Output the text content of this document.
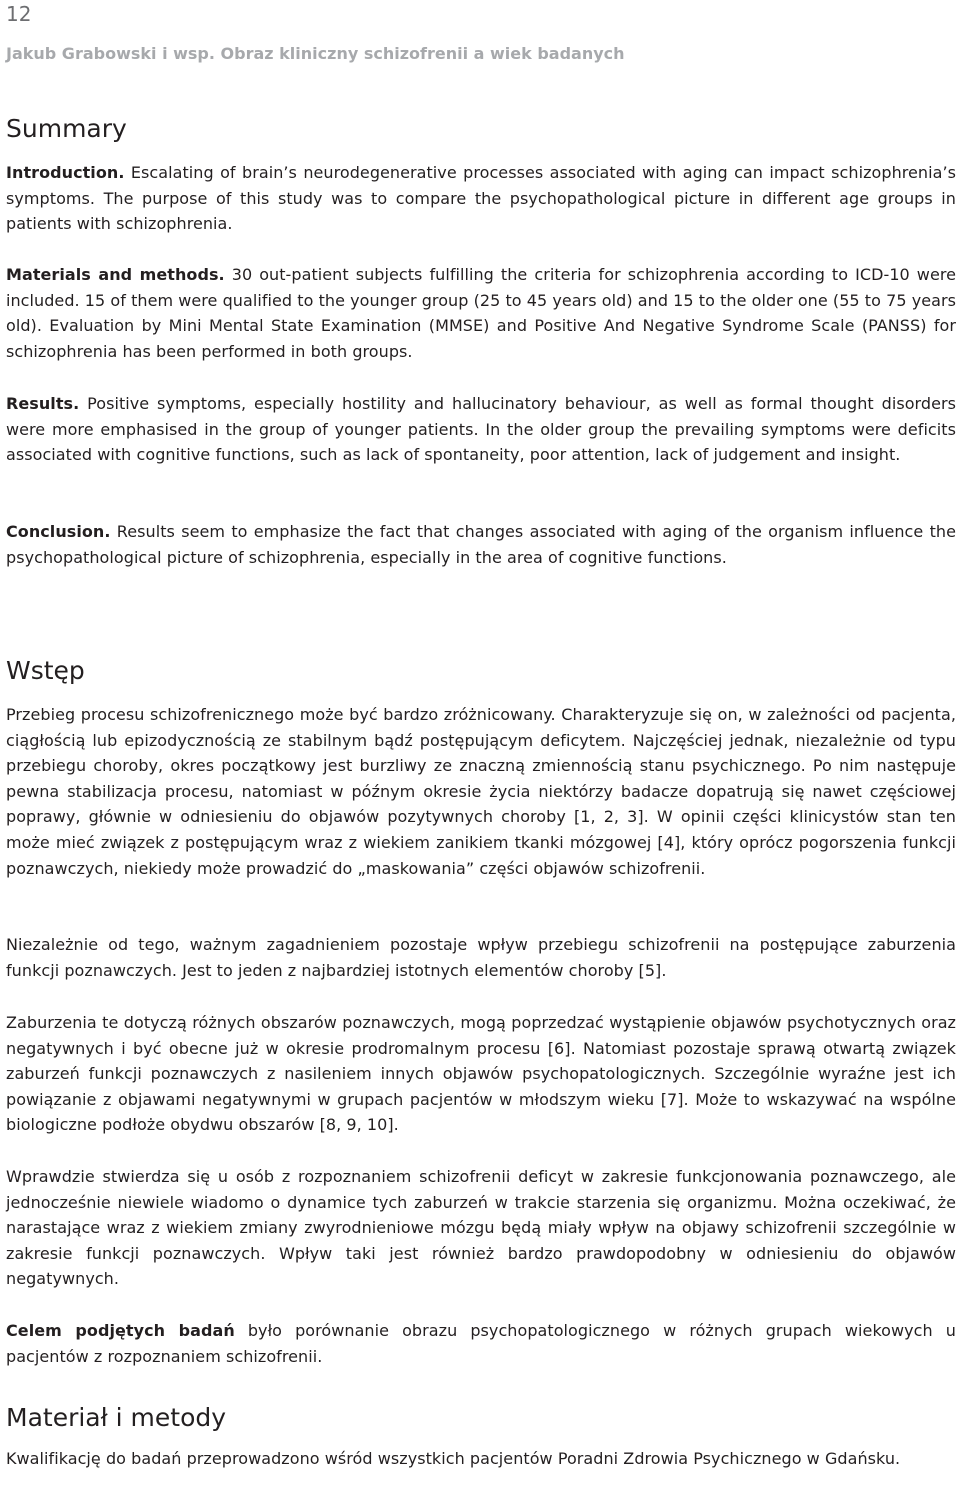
12
Jakub Grabowski i wsp. Obraz kliniczny schizofrenii a wiek badanych
Summary

Introduction. Escalating of brain’s neurodegenerative processes associated with aging can impact schizophrenia’s symptoms. The purpose of this study was to compare the psychopathological picture in different age groups in patients with schizophrenia.

Materials and methods. 30 out-patient subjects fulfilling the criteria for schizophrenia according to ICD-10 were included. 15 of them were qualified to the younger group (25 to 45 years old) and 15 to the older one (55 to 75 years old). Evaluation by Mini Mental State Examination (MMSE) and Positive And Negative Syndrome Scale (PANSS) for schizophrenia has been performed in both groups.

Results. Positive symptoms, especially hostility and hallucinatory behaviour, as well as formal thought disorders were more emphasised in the group of younger patients. In the older group the prevailing symptoms were deficits associated with cognitive functions, such as lack of spontaneity, poor attention, lack of judgement and insight.

Conclusion. Results seem to emphasize the fact that changes associated with aging of the organism influence the psychopathological picture of schizophrenia, especially in the area of cognitive functions.

Wstęp

Przebieg procesu schizofrenicznego może być bardzo zróżnicowany. Charakteryzuje się on, w zależności od pacjenta, ciągłością lub epizodycznością ze stabilnym bądź postępującym deficytem. Najczęściej jednak, niezależnie od typu przebiegu choroby, okres początkowy jest burzliwy ze znaczną zmiennością stanu psychicznego. Po nim następuje pewna stabilizacja procesu, natomiast w późnym okresie życia niektórzy badacze dopatrują się nawet częściowej poprawy, głównie w odniesieniu do objawów pozytywnych choroby [1, 2, 3]. W opinii części klinicystów stan ten może mieć związek z postępującym wraz z wiekiem zanikiem tkanki mózgowej [4], który oprócz pogorszenia funkcji poznawczych, niekiedy może prowadzić do „maskowania” części objawów schizofrenii.

Niezależnie od tego, ważnym zagadnieniem pozostaje wpływ przebiegu schizofrenii na postępujące zaburzenia funkcji poznawczych. Jest to jeden z najbardziej istotnych elementów choroby [5].

Zaburzenia te dotyczą różnych obszarów poznawczych, mogą poprzedzać wystąpienie objawów psychotycznych oraz negatywnych i być obecne już w okresie prodromalnym procesu [6]. Natomiast pozostaje sprawą otwartą związek zaburzeń funkcji poznawczych z nasileniem innych objawów psychopatologicznych. Szczególnie wyraźne jest ich powiązanie z objawami negatywnymi w grupach pacjentów w młodszym wieku [7]. Może to wskazywać na wspólne biologiczne podłoże obydwu obszarów [8, 9, 10].

Wprawdzie stwierdza się u osób z rozpoznaniem schizofrenii deficyt w zakresie funkcjonowania poznawczego, ale jednocześnie niewiele wiadomo o dynamice tych zaburzeń w trakcie starzenia się organizmu. Można oczekiwać, że narastające wraz z wiekiem zmiany zwyrodnieniowe mózgu będą miały wpływ na objawy schizofrenii szczególnie w zakresie funkcji poznawczych. Wpływ taki jest również bardzo prawdopodobny w odniesieniu do objawów negatywnych.

Celem podjętych badań było porównanie obrazu psychopatologicznego w różnych grupach wiekowych u pacjentów z rozpoznaniem schizofrenii.

Materiał i metody

Kwalifikację do badań przeprowadzono wśród wszystkich pacjentów Poradni Zdrowia Psychicznego w Gdańsku.
